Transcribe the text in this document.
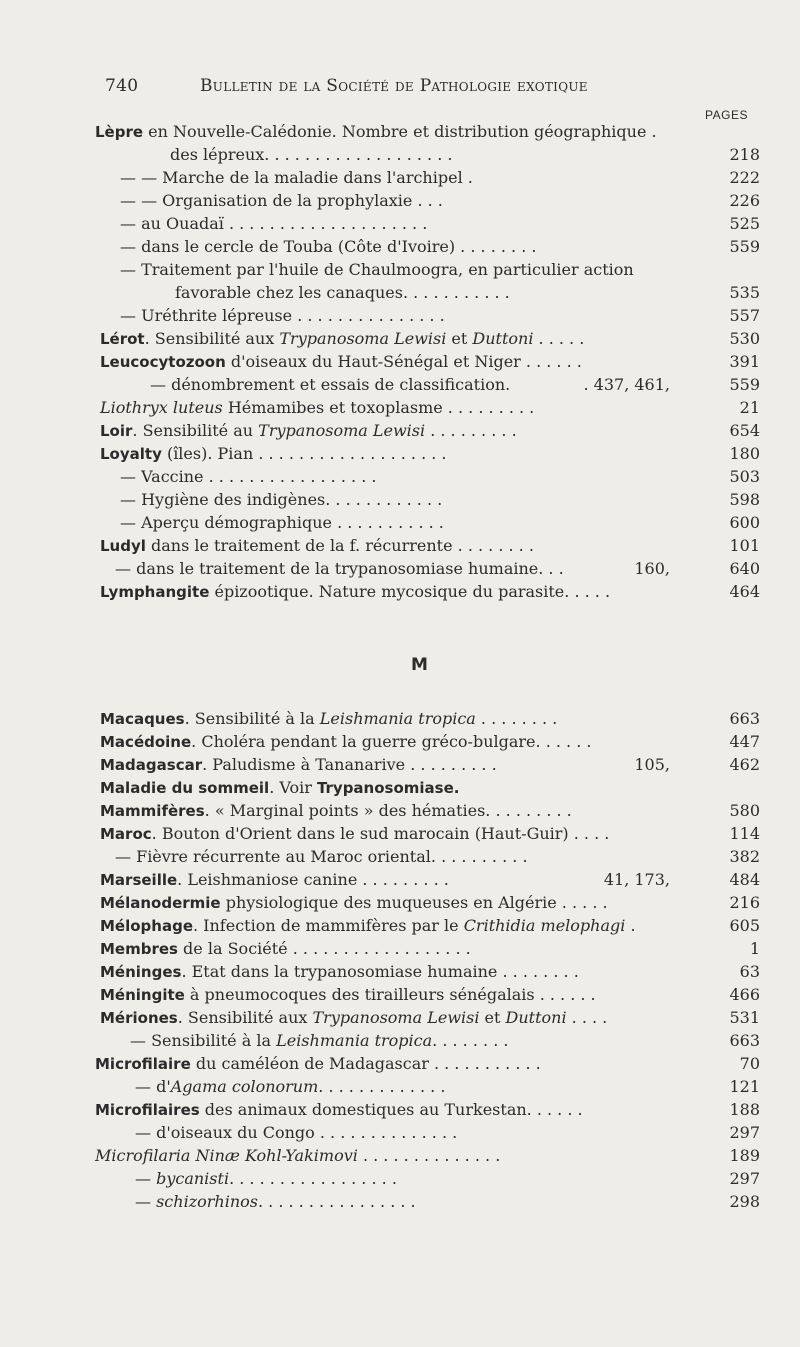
740	Bulletin de la Société de Pathologie exotique
PAGES
Lèpre en Nouvelle-Calédonie. Nombre et distribution géographique .
des lépreux. . . . . . . . . . . . . . . . . . .	218
— — Marche de la maladie dans l'archipel .	222
— — Organisation de la prophylaxie . . .	226
— au Ouadaï . . . . . . . . . . . . . . . . . . . .	525
— dans le cercle de Touba (Côte d'Ivoire) . . . . . . . .	559
— Traitement par l'huile de Chaulmoogra, en particulier action
favorable chez les canaques. . . . . . . . . . .	535
— Uréthrite lépreuse . . . . . . . . . . . . . . .	557
Lérot. Sensibilité aux Trypanosoma Lewisi et Duttoni . . . . .	530
Leucocytozoon d'oiseaux du Haut-Sénégal et Niger . . . . . .	391
— dénombrement et essais de classification.	. 437, 461,	559
Liothryx luteus Hémamibes et toxoplasme . . . . . . . . .	21
Loir. Sensibilité au Trypanosoma Lewisi . . . . . . . . .	654
Loyalty (îles). Pian . . . . . . . . . . . . . . . . . . .	180
— Vaccine . . . . . . . . . . . . . . . . .	503
— Hygiène des indigènes. . . . . . . . . . . .	598
— Aperçu démographique . . . . . . . . . . .	600
Ludyl dans le traitement de la f. récurrente . . . . . . . .	101
— dans le traitement de la trypanosomiase humaine. . .	160,	640
Lymphangite épizootique. Nature mycosique du parasite. . . . .	464
M
Macaques. Sensibilité à la Leishmania tropica . . . . . . . .	663
Macédoine. Choléra pendant la guerre gréco-bulgare. . . . . .	447
Madagascar. Paludisme à Tananarive . . . . . . . . .	105,	462
Maladie du sommeil. Voir Trypanosomiase.
Mammifères. « Marginal points » des hématies. . . . . . . . .	580
Maroc. Bouton d'Orient dans le sud marocain (Haut-Guir) . . . .	114
— Fièvre récurrente au Maroc oriental. . . . . . . . . .	382
Marseille. Leishmaniose canine . . . . . . . . .	41, 173,	484
Mélanodermie physiologique des muqueuses en Algérie . . . . .	216
Mélophage. Infection de mammifères par le Crithidia melophagi .	605
Membres de la Société . . . . . . . . . . . . . . . . . .	1
Méninges. Etat dans la trypanosomiase humaine . . . . . . . .	63
Méningite à pneumocoques des tirailleurs sénégalais . . . . . .	466
Mériones. Sensibilité aux Trypanosoma Lewisi et Duttoni . . . .	531
— Sensibilité à la Leishmania tropica. . . . . . . .	663
Microfilaire du caméléon de Madagascar . . . . . . . . . . .	70
— d'Agama colonorum. . . . . . . . . . . . .	121
Microfilaires des animaux domestiques au Turkestan. . . . . .	188
— d'oiseaux du Congo . . . . . . . . . . . . . .	297
Microfilaria Ninæ Kohl-Yakimovi . . . . . . . . . . . . . .	189
— bycanisti. . . . . . . . . . . . . . . . .	297
— schizorhinos. . . . . . . . . . . . . . . .	298
